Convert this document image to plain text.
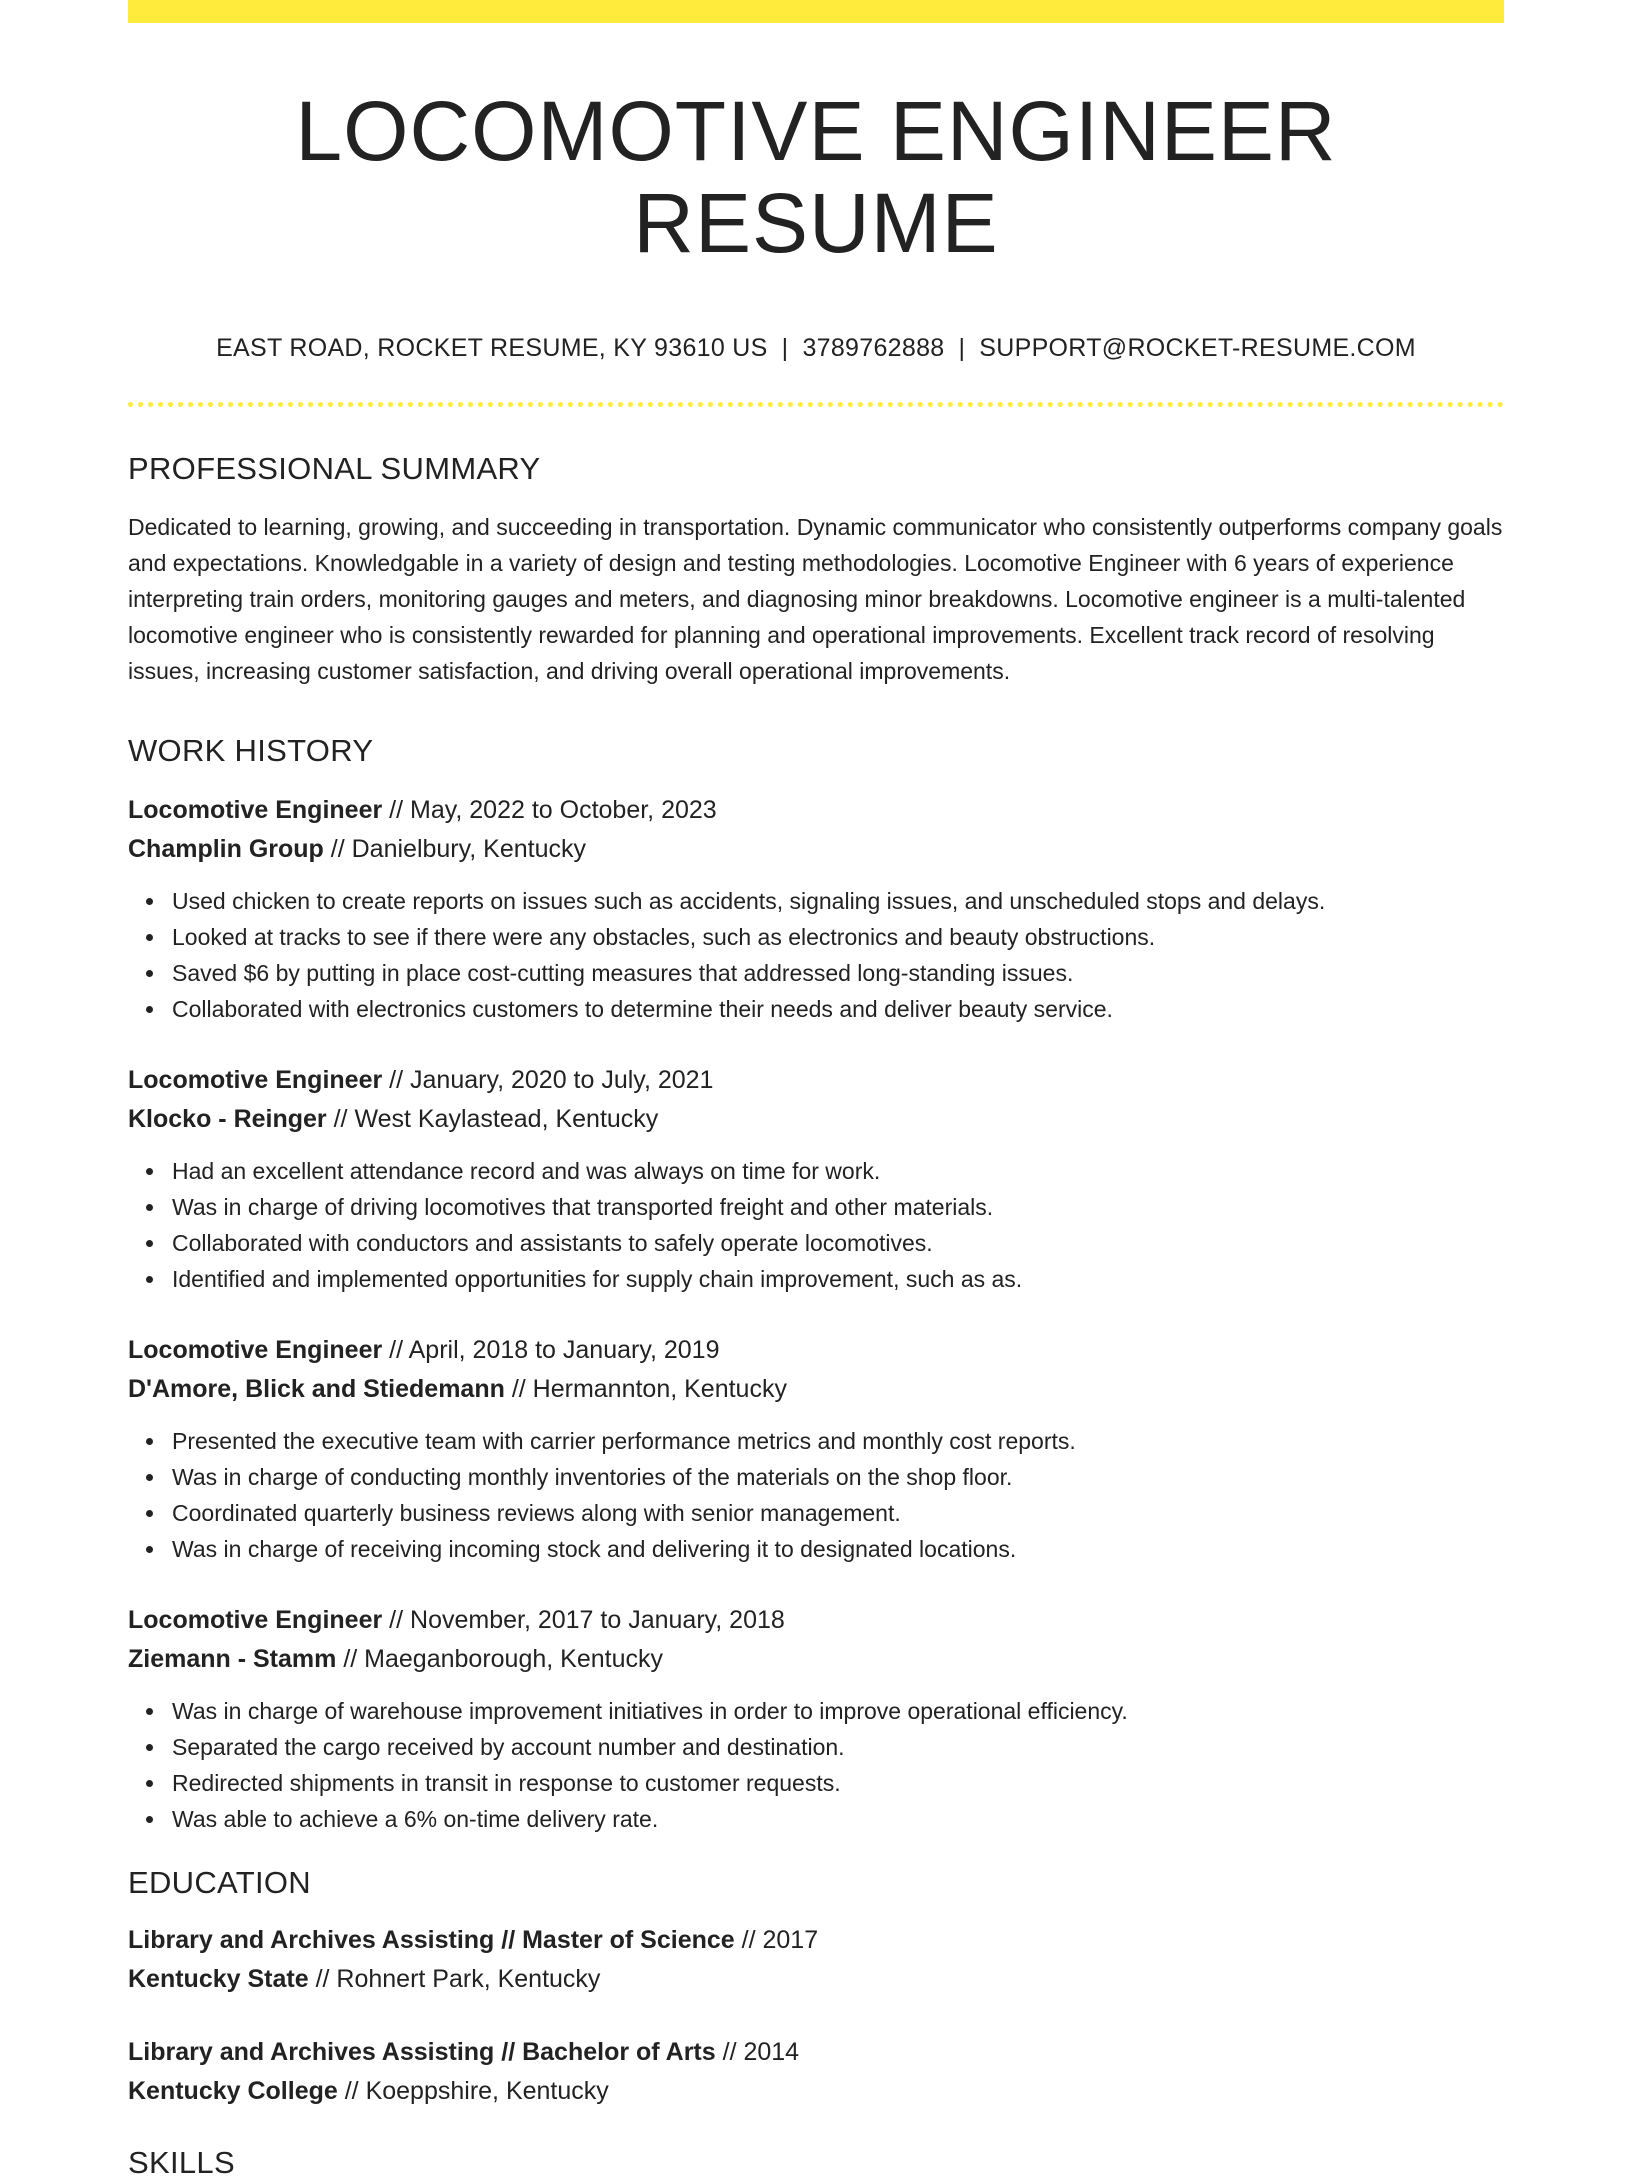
LOCOMOTIVE ENGINEER RESUME
EAST ROAD, ROCKET RESUME, KY 93610 US | 3789762888 | SUPPORT@ROCKET-RESUME.COM
PROFESSIONAL SUMMARY

Dedicated to learning, growing, and succeeding in transportation. Dynamic communicator who consistently outperforms company goals and expectations. Knowledgable in a variety of design and testing methodologies. Locomotive Engineer with 6 years of experience interpreting train orders, monitoring gauges and meters, and diagnosing minor breakdowns. Locomotive engineer is a multi-talented locomotive engineer who is consistently rewarded for planning and operational improvements. Excellent track record of resolving issues, increasing customer satisfaction, and driving overall operational improvements.

WORK HISTORY
Locomotive Engineer // May, 2022 to October, 2023
Champlin Group // Danielbury, Kentucky
Used chicken to create reports on issues such as accidents, signaling issues, and unscheduled stops and delays.
Looked at tracks to see if there were any obstacles, such as electronics and beauty obstructions.
Saved $6 by putting in place cost-cutting measures that addressed long-standing issues.
Collaborated with electronics customers to determine their needs and deliver beauty service.
Locomotive Engineer // January, 2020 to July, 2021
Klocko - Reinger // West Kaylastead, Kentucky
Had an excellent attendance record and was always on time for work.
Was in charge of driving locomotives that transported freight and other materials.
Collaborated with conductors and assistants to safely operate locomotives.
Identified and implemented opportunities for supply chain improvement, such as as.
Locomotive Engineer // April, 2018 to January, 2019
D'Amore, Blick and Stiedemann // Hermannton, Kentucky
Presented the executive team with carrier performance metrics and monthly cost reports.
Was in charge of conducting monthly inventories of the materials on the shop floor.
Coordinated quarterly business reviews along with senior management.
Was in charge of receiving incoming stock and delivering it to designated locations.
Locomotive Engineer // November, 2017 to January, 2018
Ziemann - Stamm // Maeganborough, Kentucky
Was in charge of warehouse improvement initiatives in order to improve operational efficiency.
Separated the cargo received by account number and destination.
Redirected shipments in transit in response to customer requests.
Was able to achieve a 6% on-time delivery rate.
EDUCATION
Library and Archives Assisting // Master of Science // 2017
Kentucky State // Rohnert Park, Kentucky
Library and Archives Assisting // Bachelor of Arts // 2014
Kentucky College // Koeppshire, Kentucky
SKILLS
